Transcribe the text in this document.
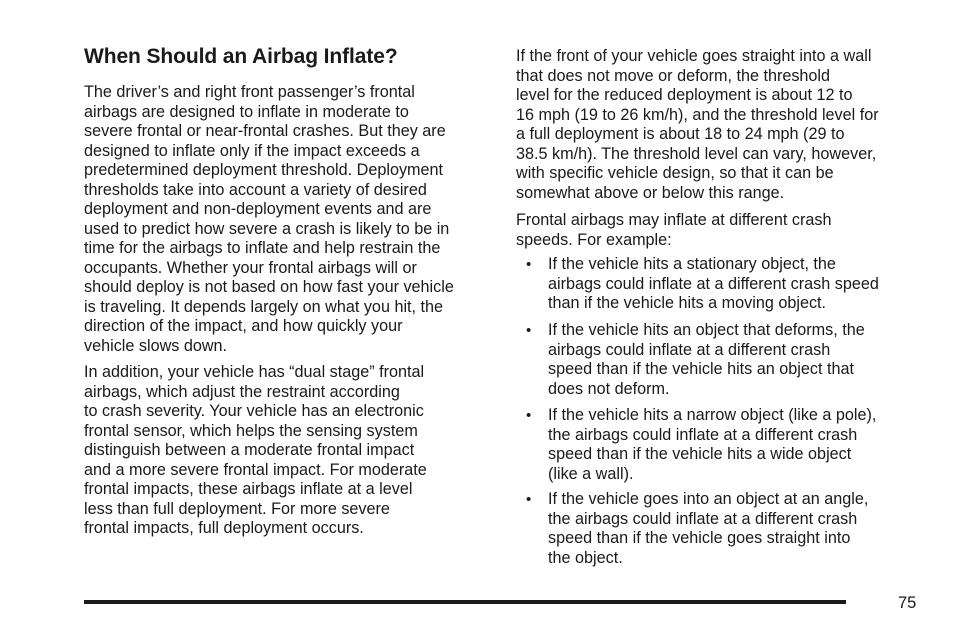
When Should an Airbag Inflate?
The driver’s and right front passenger’s frontal
airbags are designed to inflate in moderate to
severe frontal or near-frontal crashes. But they are
designed to inflate only if the impact exceeds a
predetermined deployment threshold. Deployment
thresholds take into account a variety of desired
deployment and non-deployment events and are
used to predict how severe a crash is likely to be in
time for the airbags to inflate and help restrain the
occupants. Whether your frontal airbags will or
should deploy is not based on how fast your vehicle
is traveling. It depends largely on what you hit, the
direction of the impact, and how quickly your
vehicle slows down.
In addition, your vehicle has “dual stage” frontal
airbags, which adjust the restraint according
to crash severity. Your vehicle has an electronic
frontal sensor, which helps the sensing system
distinguish between a moderate frontal impact
and a more severe frontal impact. For moderate
frontal impacts, these airbags inflate at a level
less than full deployment. For more severe
frontal impacts, full deployment occurs.
If the front of your vehicle goes straight into a wall
that does not move or deform, the threshold
level for the reduced deployment is about 12 to
16 mph (19 to 26 km/h), and the threshold level for
a full deployment is about 18 to 24 mph (29 to
38.5 km/h). The threshold level can vary, however,
with specific vehicle design, so that it can be
somewhat above or below this range.
Frontal airbags may inflate at different crash
speeds. For example:
• If the vehicle hits a stationary object, the
airbags could inflate at a different crash speed
than if the vehicle hits a moving object.
• If the vehicle hits an object that deforms, the
airbags could inflate at a different crash
speed than if the vehicle hits an object that
does not deform.
• If the vehicle hits a narrow object (like a pole),
the airbags could inflate at a different crash
speed than if the vehicle hits a wide object
(like a wall).
• If the vehicle goes into an object at an angle,
the airbags could inflate at a different crash
speed than if the vehicle goes straight into
the object.
75
